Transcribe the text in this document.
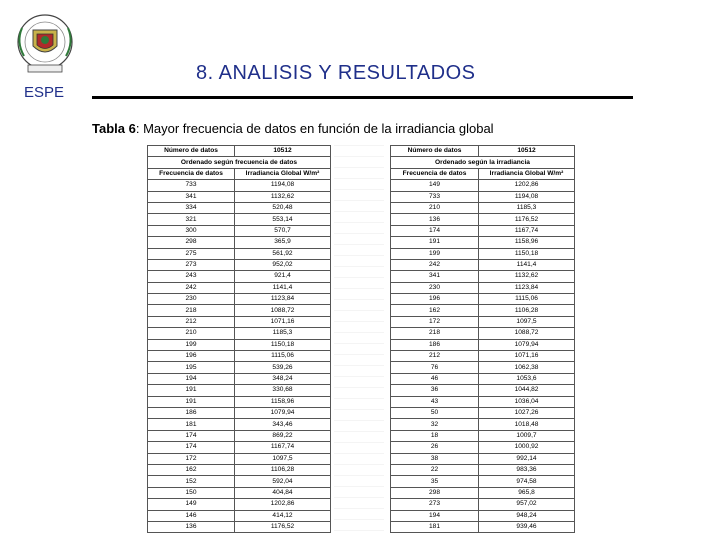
ESPE
8. ANALISIS Y RESULTADOS
Tabla 6: Mayor frecuencia de datos en función de la irradiancia global
Número de datos	10512
Ordenado según frecuencia de datos	
Frecuencia de datos	Irradiancia Global W/m²
733	1194,08
341	1132,62
334	520,48
321	553,14
300	570,7
298	365,9
275	561,92
273	952,02
243	921,4
242	1141,4
230	1123,84
218	1088,72
212	1071,16
210	1185,3
199	1150,18
196	1115,06
195	539,26
194	348,24
191	330,68
191	1158,96
186	1079,94
181	343,46
174	869,22
174	1167,74
172	1097,5
162	1106,28
152	592,04
150	404,84
149	1202,86
146	414,12
136	1176,52
Número de datos	10512
Ordenado según la irradiancia	
Frecuencia de datos	Irradiancia Global W/m²
149	1202,86
733	1194,08
210	1185,3
136	1176,52
174	1167,74
191	1158,96
199	1150,18
242	1141,4
341	1132,62
230	1123,84
196	1115,06
162	1106,28
172	1097,5
218	1088,72
186	1079,94
212	1071,16
76	1062,38
46	1053,6
36	1044,82
43	1036,04
50	1027,26
32	1018,48
18	1009,7
26	1000,92
38	992,14
22	983,36
35	974,58
298	965,8
273	957,02
194	948,24
181	939,46
